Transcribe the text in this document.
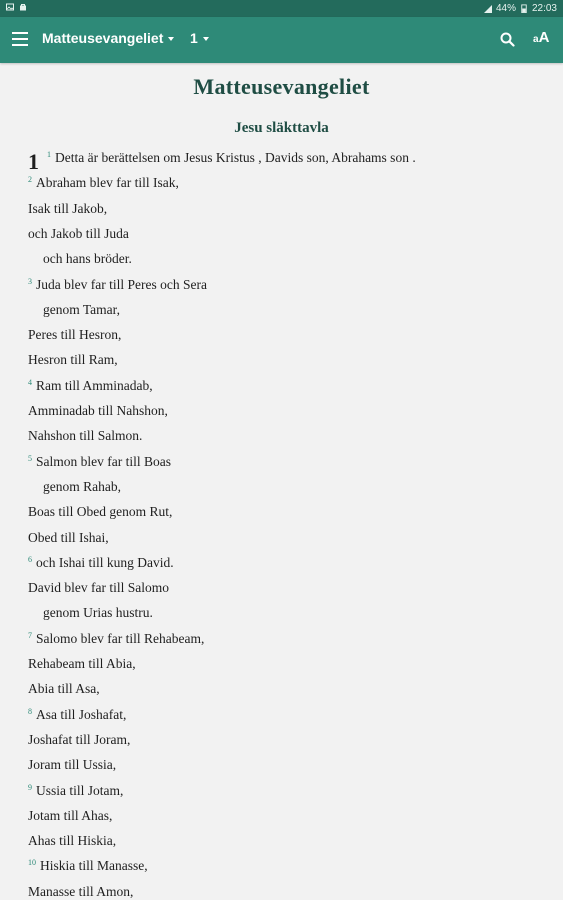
44% 22:03
Matteusevangeliet 1	aA
Matteusevangeliet
Jesu släkttavla
1 $^1$ Detta är berättelsen om Jesus Kristus , Davids son, Abrahams son .
$^2$ Abraham blev far till Isak,
Isak till Jakob,
och Jakob till Juda
och hans bröder.
$^3$ Juda blev far till Peres och Sera
genom Tamar,
Peres till Hesron,
Hesron till Ram,
$^4$ Ram till Amminadab,
Amminadab till Nahshon,
Nahshon till Salmon.
$^5$ Salmon blev far till Boas
genom Rahab,
Boas till Obed genom Rut,
Obed till Ishai,
$^6$ och Ishai till kung David.
David blev far till Salomo
genom Urias hustru.
$^7$ Salomo blev far till Rehabeam,
Rehabeam till Abia,
Abia till Asa,
$^8$ Asa till Joshafat,
Joshafat till Joram,
Joram till Ussia,
$^9$ Ussia till Jotam,
Jotam till Ahas,
Ahas till Hiskia,
$^{10}$ Hiskia till Manasse,
Manasse till Amon,
